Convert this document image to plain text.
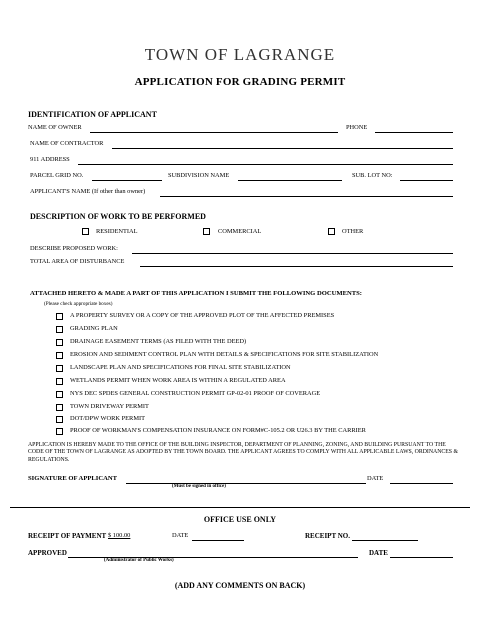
TOWN OF LAGRANGE
APPLICATION FOR GRADING PERMIT
IDENTIFICATION OF APPLICANT
NAME OF OWNER	PHONE
NAME OF CONTRACTOR
911 ADDRESS
PARCEL GRID NO.	SUBDIVISION NAME	SUB. LOT NO:
APPLICANT'S NAME (If other than owner)
DESCRIPTION OF WORK TO BE PERFORMED
RESIDENTIAL	COMMERCIAL	OTHER
DESCRIBE PROPOSED WORK:
TOTAL AREA OF DISTURBANCE
ATTACHED HERETO & MADE A PART OF THIS APPLICATION I SUBMIT THE FOLLOWING DOCUMENTS:
(Please check appropriate boxes)
A PROPERTY SURVEY OR A COPY OF THE APPROVED PLOT OF THE AFFECTED PREMISES
GRADING PLAN
DRAINAGE EASEMENT TERMS (AS FILED WITH THE DEED)
EROSION AND SEDIMENT CONTROL PLAN WITH DETAILS & SPECIFICATIONS FOR SITE STABILIZATION
LANDSCAPE PLAN AND SPECIFICATIONS FOR FINAL SITE STABILIZATION
WETLANDS PERMIT WHEN WORK AREA IS WITHIN A REGULATED AREA
NYS DEC SPDES GENERAL CONSTRUCTION PERMIT GP-02-01 PROOF OF COVERAGE
TOWN DRIVEWAY PERMIT
DOT/DPW WORK PERMIT
PROOF OF WORKMAN'S COMPENSATION INSURANCE ON FORM#C-105.2 OR U26.3 BY THE CARRIER
APPLICATION IS HEREBY MADE TO THE OFFICE OF THE BUILDING INSPECTOR, DEPARTMENT OF PLANNING, ZONING, AND BUILDING PURSUANT TO THE CODE OF THE TOWN OF LAGRANGE AS ADOPTED BY THE TOWN BOARD. THE APPLICANT AGREES TO COMPLY WITH ALL APPLICABLE LAWS, ORDINANCES & REGULATIONS.
SIGNATURE OF APPLICANT	DATE
(Must be signed in office)
OFFICE USE ONLY
RECEIPT OF PAYMENT $ 100.00	DATE	RECEIPT NO.
APPROVED	DATE
(Administrator of Public Works)
(ADD ANY COMMENTS ON BACK)
